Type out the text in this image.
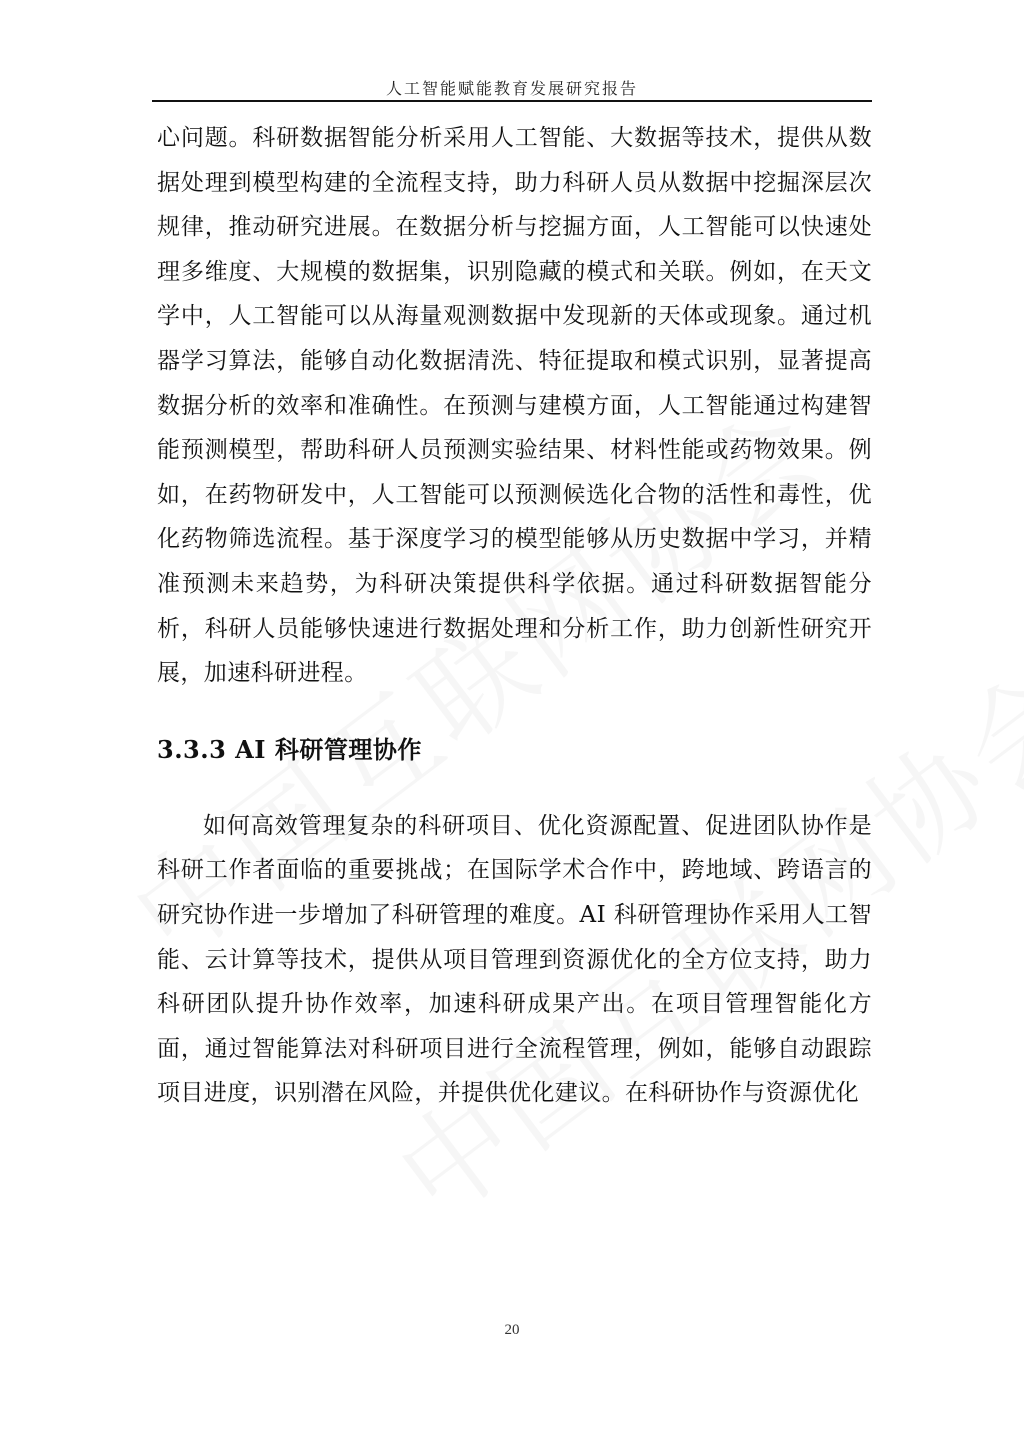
人工智能赋能教育发展研究报告

心问题。科研数据智能分析采用人工智能、大数据等技术，提供从数据处理到模型构建的全流程支持，助力科研人员从数据中挖掘深层次规律，推动研究进展。在数据分析与挖掘方面，人工智能可以快速处理多维度、大规模的数据集，识别隐藏的模式和关联。例如，在天文学中，人工智能可以从海量观测数据中发现新的天体或现象。通过机器学习算法，能够自动化数据清洗、特征提取和模式识别，显著提高数据分析的效率和准确性。在预测与建模方面，人工智能通过构建智能预测模型，帮助科研人员预测实验结果、材料性能或药物效果。例如，在药物研发中，人工智能可以预测候选化合物的活性和毒性，优化药物筛选流程。基于深度学习的模型能够从历史数据中学习，并精准预测未来趋势，为科研决策提供科学依据。通过科研数据智能分析，科研人员能够快速进行数据处理和分析工作，助力创新性研究开展，加速科研进程。

3.3.3 AI 科研管理协作

如何高效管理复杂的科研项目、优化资源配置、促进团队协作是科研工作者面临的重要挑战；在国际学术合作中，跨地域、跨语言的研究协作进一步增加了科研管理的难度。AI 科研管理协作采用人工智能、云计算等技术，提供从项目管理到资源优化的全方位支持，助力科研团队提升协作效率，加速科研成果产出。在项目管理智能化方面，通过智能算法对科研项目进行全流程管理，例如，能够自动跟踪项目进度，识别潜在风险，并提供优化建议。在科研协作与资源优化

20
